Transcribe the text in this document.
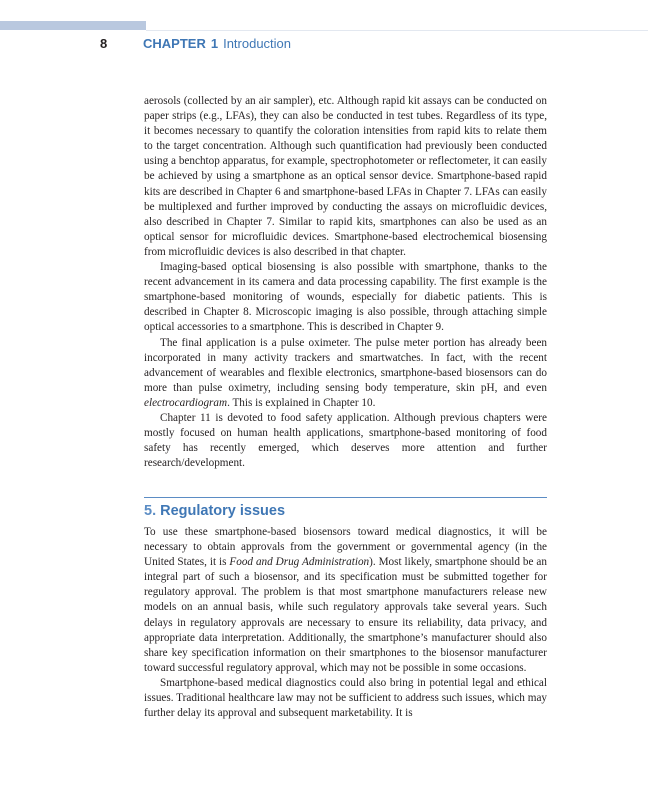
8	CHAPTER 1 Introduction

aerosols (collected by an air sampler), etc. Although rapid kit assays can be conducted on paper strips (e.g., LFAs), they can also be conducted in test tubes. Regardless of its type, it becomes necessary to quantify the coloration intensities from rapid kits to relate them to the target concentration. Although such quantification had previously been conducted using a benchtop apparatus, for example, spectrophotometer or reflectometer, it can easily be achieved by using a smartphone as an optical sensor device. Smartphone-based rapid kits are described in Chapter 6 and smartphone-based LFAs in Chapter 7. LFAs can easily be multiplexed and further improved by conducting the assays on microfluidic devices, also described in Chapter 7. Similar to rapid kits, smartphones can also be used as an optical sensor for microfluidic devices. Smartphone-based electrochemical biosensing from microfluidic devices is also described in that chapter.

Imaging-based optical biosensing is also possible with smartphone, thanks to the recent advancement in its camera and data processing capability. The first example is the smartphone-based monitoring of wounds, especially for diabetic patients. This is described in Chapter 8. Microscopic imaging is also possible, through attaching simple optical accessories to a smartphone. This is described in Chapter 9.

The final application is a pulse oximeter. The pulse meter portion has already been incorporated in many activity trackers and smartwatches. In fact, with the recent advancement of wearables and flexible electronics, smartphone-based biosensors can do more than pulse oximetry, including sensing body temperature, skin pH, and even electrocardiogram. This is explained in Chapter 10.

Chapter 11 is devoted to food safety application. Although previous chapters were mostly focused on human health applications, smartphone-based monitoring of food safety has recently emerged, which deserves more attention and further research/development.

5. Regulatory issues

To use these smartphone-based biosensors toward medical diagnostics, it will be necessary to obtain approvals from the government or governmental agency (in the United States, it is Food and Drug Administration). Most likely, smartphone should be an integral part of such a biosensor, and its specification must be submitted together for regulatory approval. The problem is that most smartphone manufacturers release new models on an annual basis, while such regulatory approvals take several years. Such delays in regulatory approvals are necessary to ensure its reliability, data privacy, and appropriate data interpretation. Additionally, the smartphone’s manufacturer should also share key specification information on their smartphones to the biosensor manufacturer toward successful regulatory approval, which may not be possible in some occasions.

Smartphone-based medical diagnostics could also bring in potential legal and ethical issues. Traditional healthcare law may not be sufficient to address such issues, which may further delay its approval and subsequent marketability. It is
